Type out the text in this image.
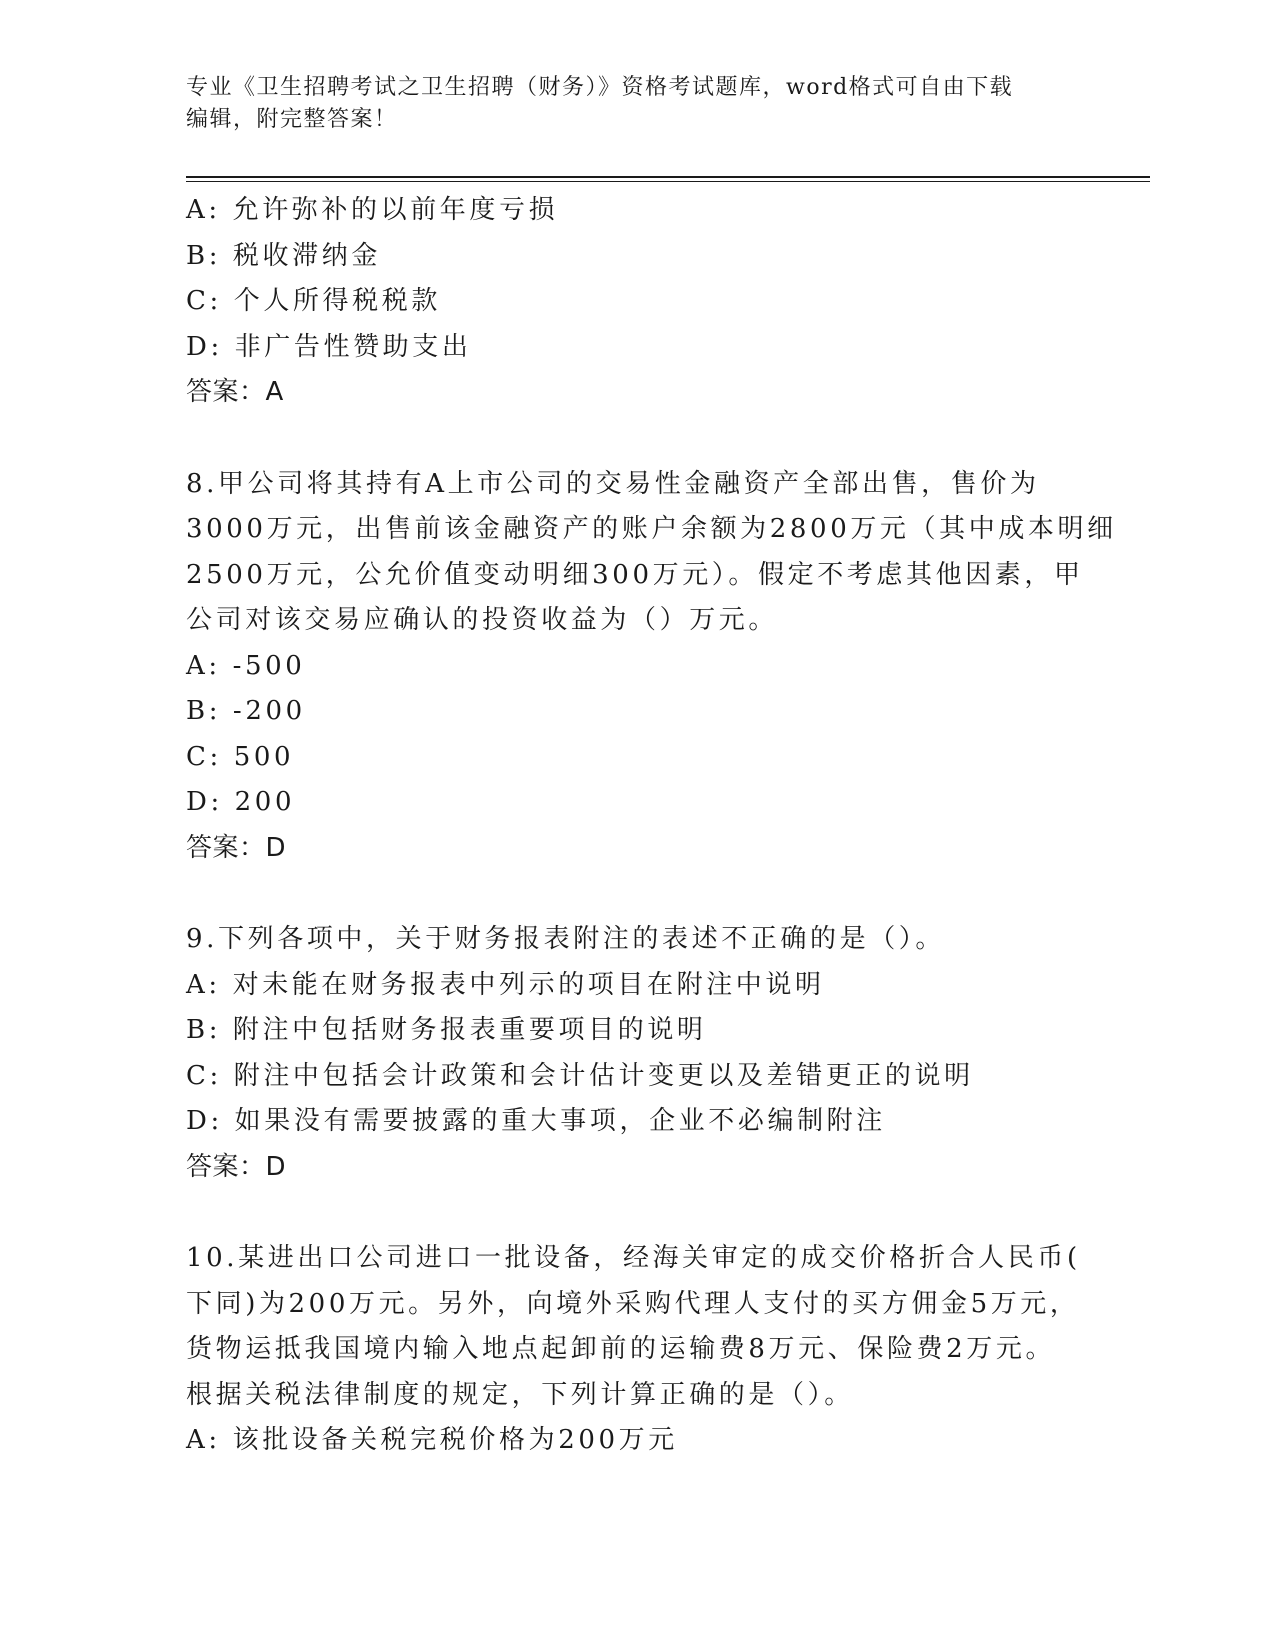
专业《卫生招聘考试之卫生招聘（财务）》资格考试题库，word格式可自由下载

编辑，附完整答案！

A: 允许弥补的以前年度亏损

B: 税收滞纳金

C: 个人所得税税款

D: 非广告性赞助支出

答案：A

8.甲公司将其持有A上市公司的交易性金融资产全部出售，售价为

3000万元，出售前该金融资产的账户余额为2800万元（其中成本明细

2500万元，公允价值变动明细300万元）。假定不考虑其他因素，甲

公司对该交易应确认的投资收益为（）万元。

A: -500

B: -200

C: 500

D: 200

答案：D

9.下列各项中，关于财务报表附注的表述不正确的是（）。

A: 对未能在财务报表中列示的项目在附注中说明

B: 附注中包括财务报表重要项目的说明

C: 附注中包括会计政策和会计估计变更以及差错更正的说明

D: 如果没有需要披露的重大事项，企业不必编制附注

答案：D

10.某进出口公司进口一批设备，经海关审定的成交价格折合人民币(

下同)为200万元。另外，向境外采购代理人支付的买方佣金5万元，

货物运抵我国境内输入地点起卸前的运输费8万元、保险费2万元。

根据关税法律制度的规定，下列计算正确的是（）。

A: 该批设备关税完税价格为200万元
